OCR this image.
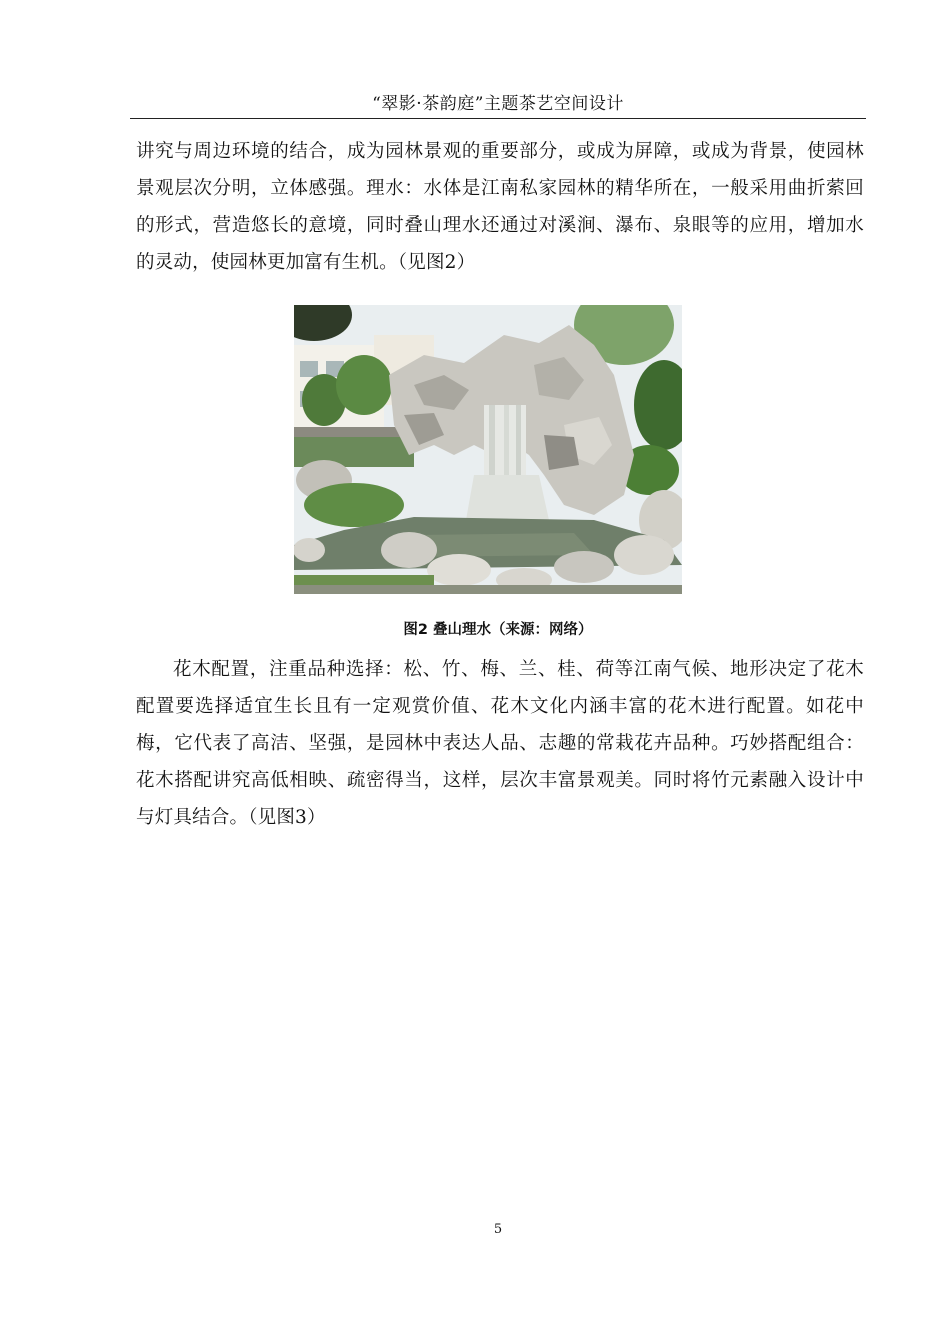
“翠影·茶韵庭”主题茶艺空间设计
讲究与周边环境的结合，成为园林景观的重要部分，或成为屏障，或成为背景，使园林景观层次分明，立体感强。理水：水体是江南私家园林的精华所在，一般采用曲折萦回的形式，营造悠长的意境，同时叠山理水还通过对溪涧、瀑布、泉眼等的应用，增加水的灵动，使园林更加富有生机。（见图2）
图2 叠山理水（来源：网络）
花木配置，注重品种选择：松、竹、梅、兰、桂、荷等江南气候、地形决定了花木配置要选择适宜生长且有一定观赏价值、花木文化内涵丰富的花木进行配置。如花中梅，它代表了高洁、坚强，是园林中表达人品、志趣的常栽花卉品种。巧妙搭配组合：花木搭配讲究高低相映、疏密得当，这样，层次丰富景观美。同时将竹元素融入设计中与灯具结合。（见图3）
5
